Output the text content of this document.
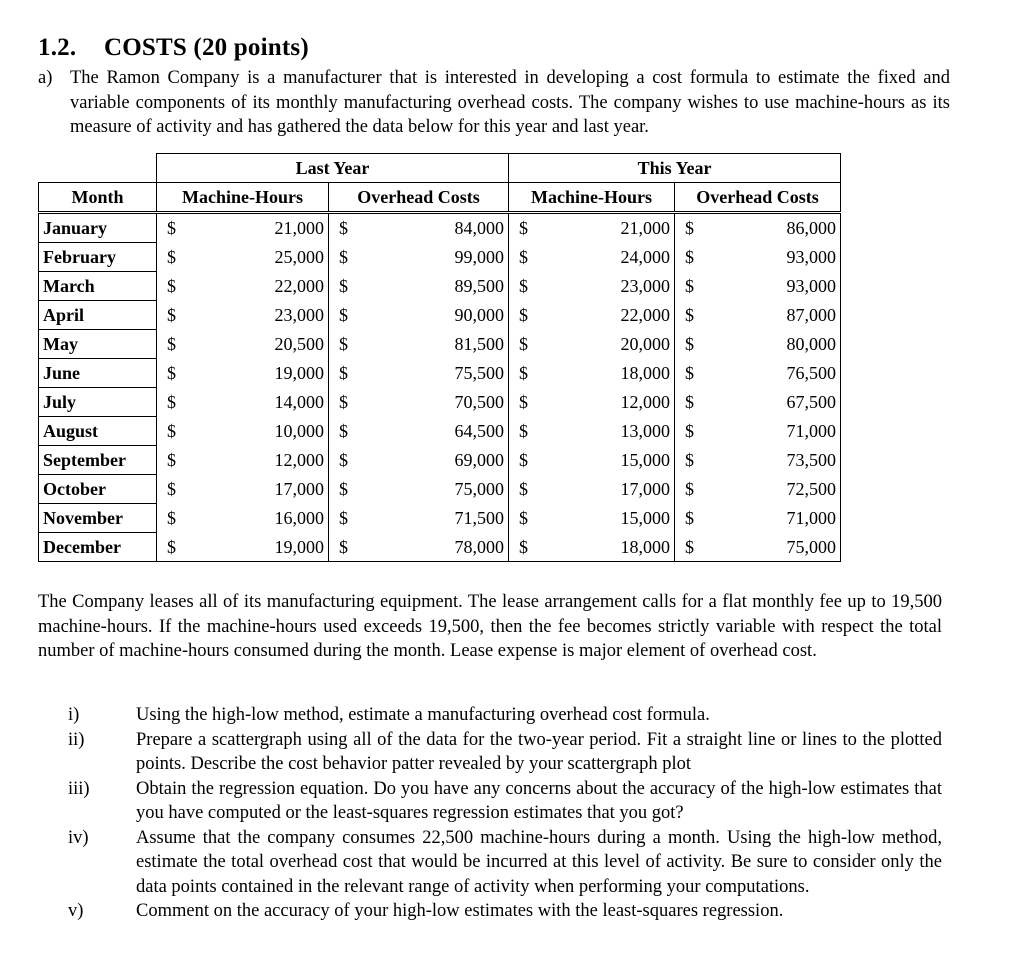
1.2. COSTS (20 points)
a) The Ramon Company is a manufacturer that is interested in developing a cost formula to estimate the fixed and variable components of its monthly manufacturing overhead costs. The company wishes to use machine-hours as its measure of activity and has gathered the data below for this year and last year.
	Last Year				This Year			
Month	Machine-Hours		Overhead Costs		Machine-Hours		Overhead Costs	
January	$	21,000	$	84,000	$	21,000	$	86,000
February	$	25,000	$	99,000	$	24,000	$	93,000
March	$	22,000	$	89,500	$	23,000	$	93,000
April	$	23,000	$	90,000	$	22,000	$	87,000
May	$	20,500	$	81,500	$	20,000	$	80,000
June	$	19,000	$	75,500	$	18,000	$	76,500
July	$	14,000	$	70,500	$	12,000	$	67,500
August	$	10,000	$	64,500	$	13,000	$	71,000
September	$	12,000	$	69,000	$	15,000	$	73,500
October	$	17,000	$	75,000	$	17,000	$	72,500
November	$	16,000	$	71,500	$	15,000	$	71,000
December	$	19,000	$	78,000	$	18,000	$	75,000
The Company leases all of its manufacturing equipment. The lease arrangement calls for a flat monthly fee up to 19,500 machine-hours. If the machine-hours used exceeds 19,500, then the fee becomes strictly variable with respect the total number of machine-hours consumed during the month. Lease expense is major element of overhead cost.
i)	Using the high-low method, estimate a manufacturing overhead cost formula.
ii)	Prepare a scattergraph using all of the data for the two-year period. Fit a straight line or lines to the plotted points. Describe the cost behavior patter revealed by your scattergraph plot
iii)	Obtain the regression equation. Do you have any concerns about the accuracy of the high-low estimates that you have computed or the least-squares regression estimates that you got?
iv)	Assume that the company consumes 22,500 machine-hours during a month. Using the high-low method, estimate the total overhead cost that would be incurred at this level of activity. Be sure to consider only the data points contained in the relevant range of activity when performing your computations.
v)	Comment on the accuracy of your high-low estimates with the least-squares regression.
